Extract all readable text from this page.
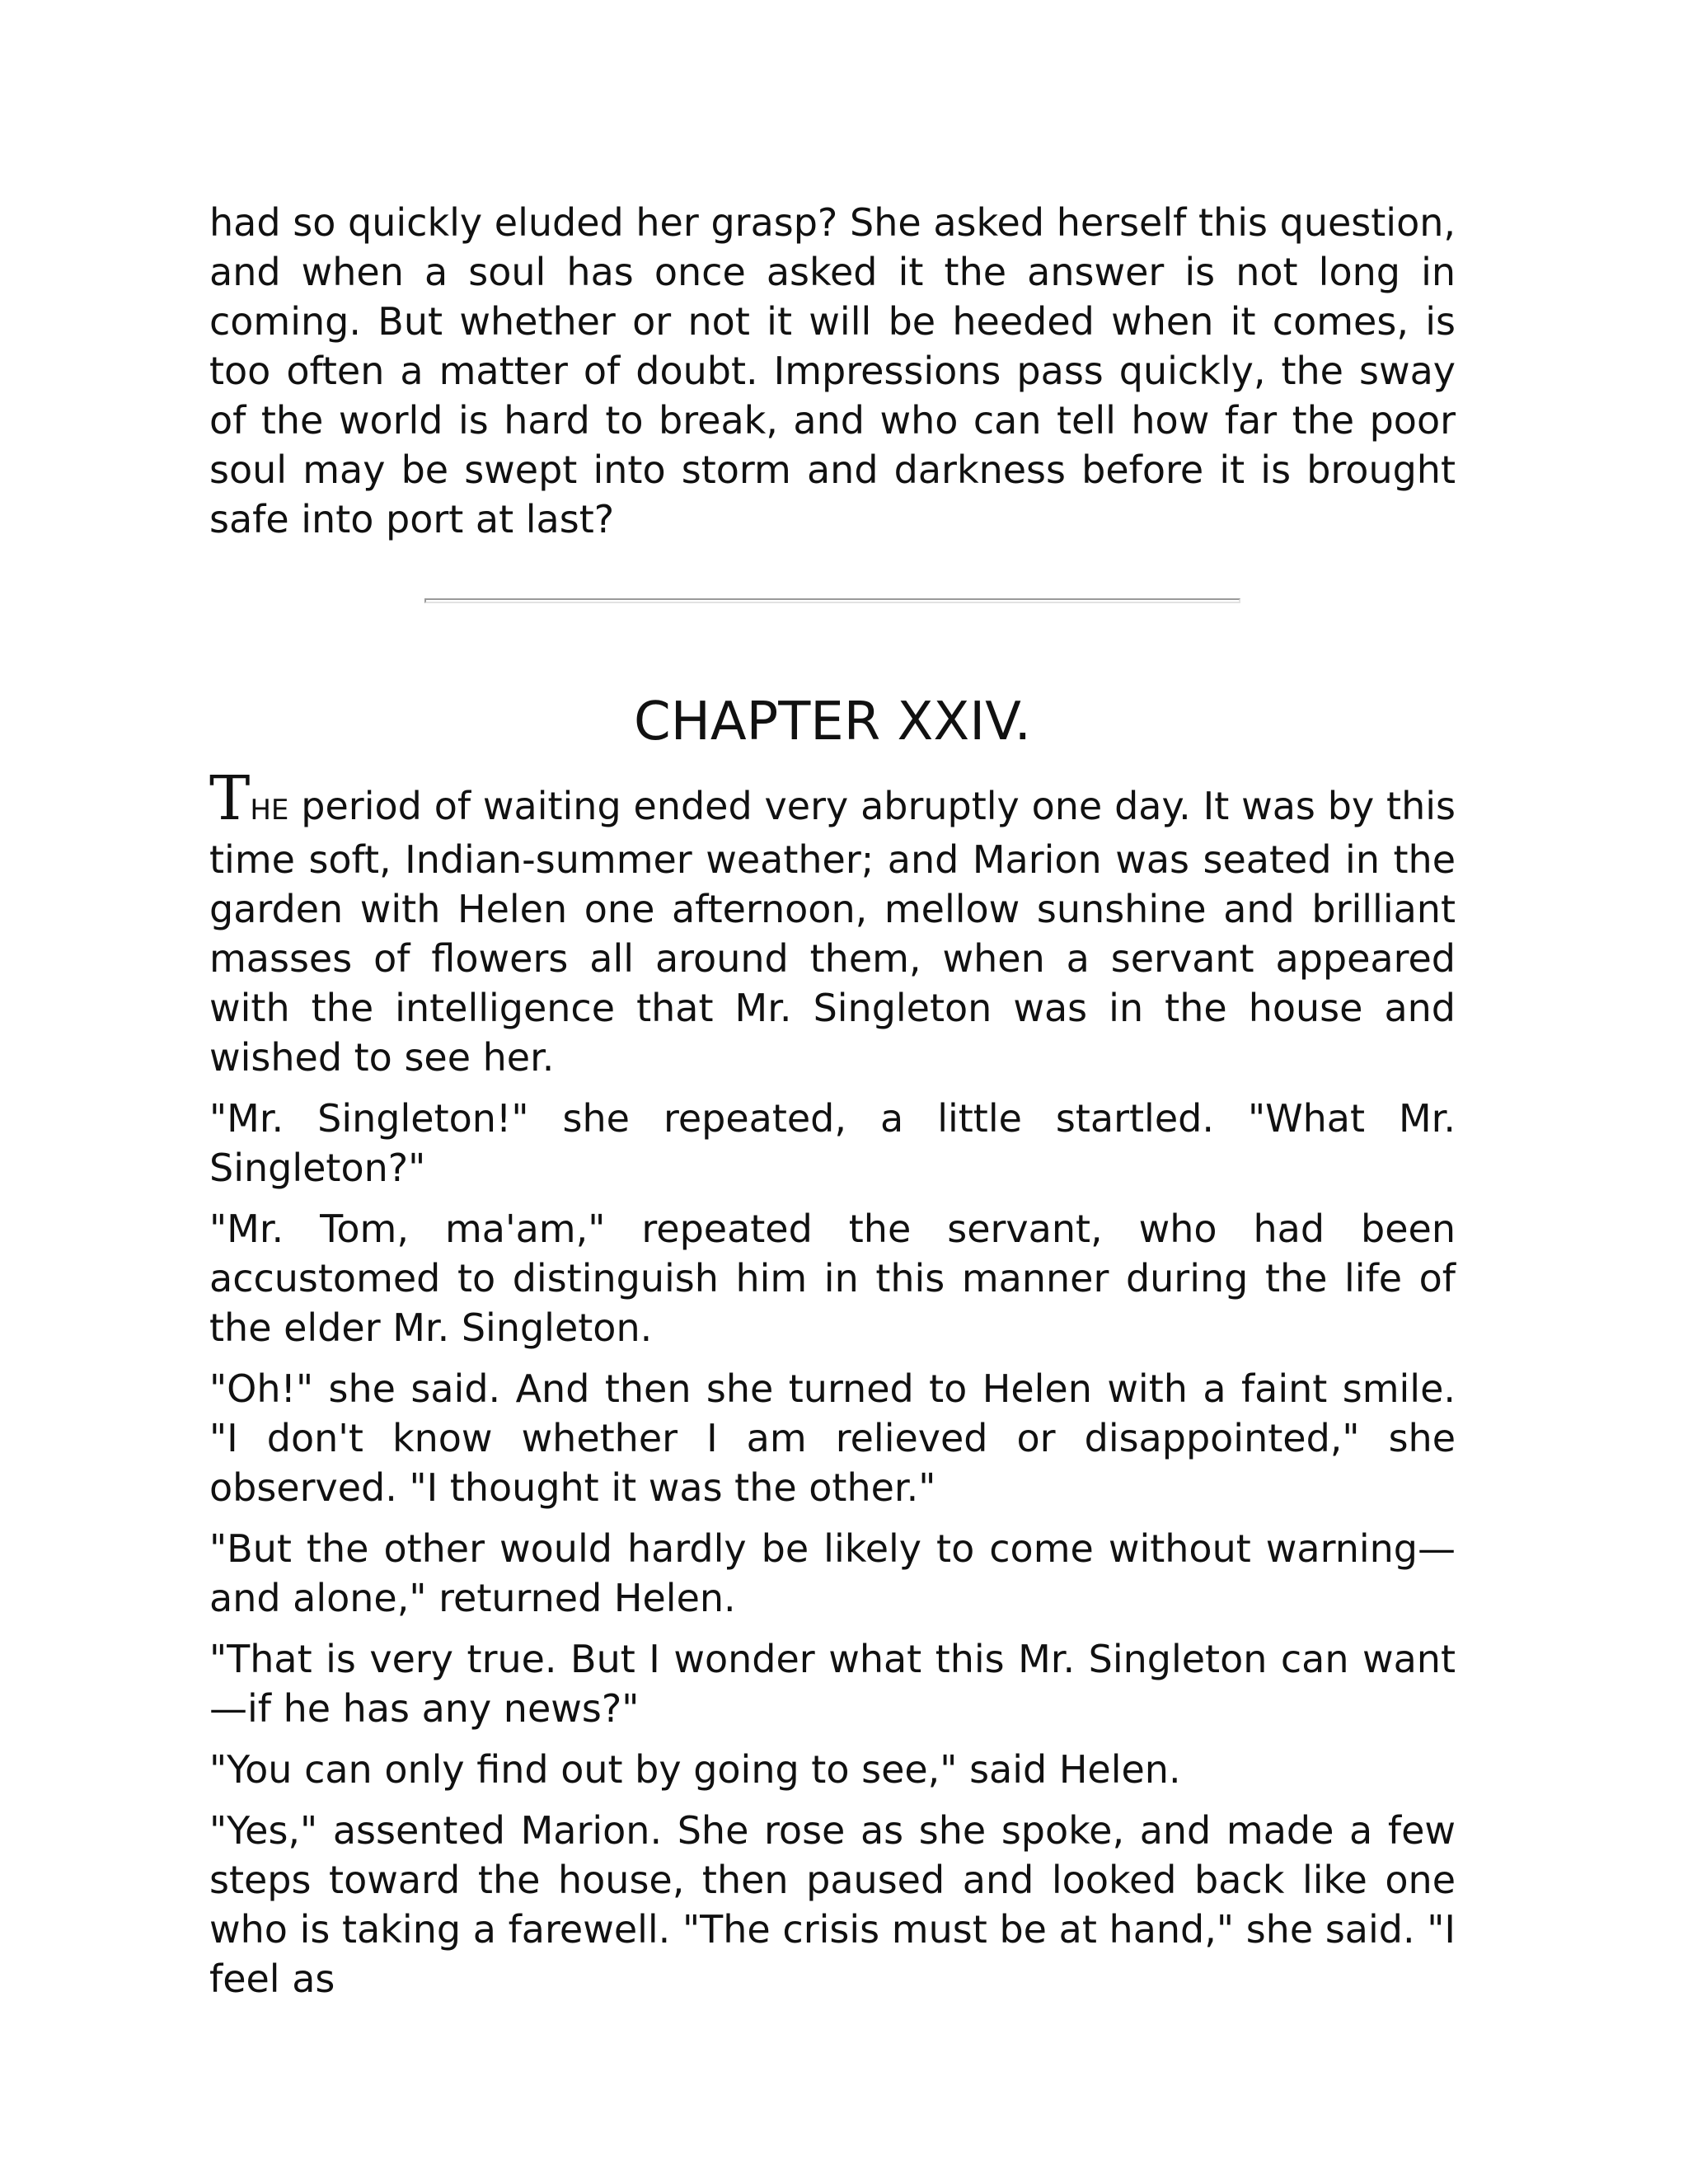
had so quickly eluded her grasp? She asked herself this question, and when a soul has once asked it the answer is not long in coming. But whether or not it will be heeded when it comes, is too often a matter of doubt. Impressions pass quickly, the sway of the world is hard to break, and who can tell how far the poor soul may be swept into storm and darkness before it is brought safe into port at last?

CHAPTER XXIV.

THE period of waiting ended very abruptly one day. It was by this time soft, Indian-summer weather; and Marion was seated in the garden with Helen one afternoon, mellow sunshine and brilliant masses of flowers all around them, when a servant appeared with the intelligence that Mr. Singleton was in the house and wished to see her.

"Mr. Singleton!" she repeated, a little startled. "What Mr. Singleton?"

"Mr. Tom, ma'am," repeated the servant, who had been accustomed to distinguish him in this manner during the life of the elder Mr. Singleton.

"Oh!" she said. And then she turned to Helen with a faint smile. "I don't know whether I am relieved or disappointed," she observed. "I thought it was the other."

"But the other would hardly be likely to come without warning—and alone," returned Helen.

"That is very true. But I wonder what this Mr. Singleton can want—if he has any news?"

"You can only find out by going to see," said Helen.

"Yes," assented Marion. She rose as she spoke, and made a few steps toward the house, then paused and looked back like one who is taking a farewell. "The crisis must be at hand," she said. "I feel as
